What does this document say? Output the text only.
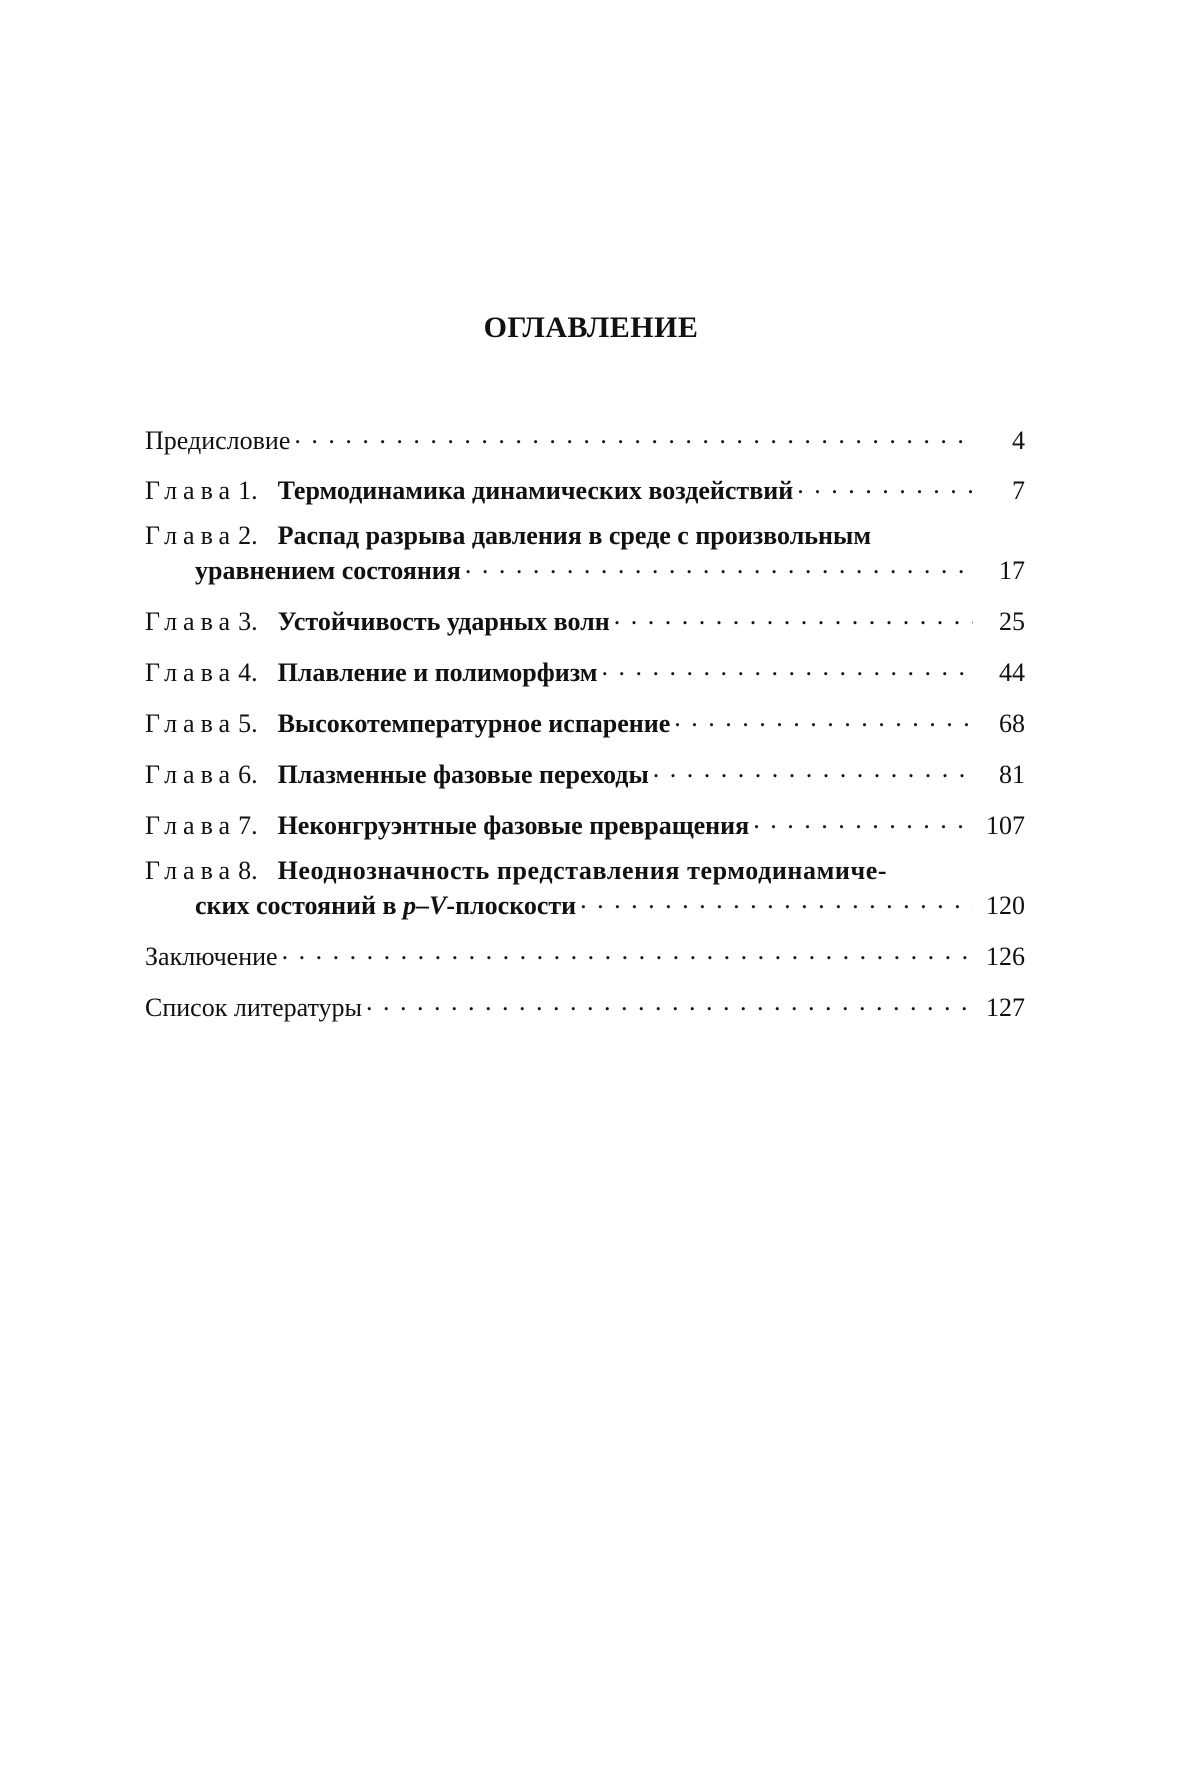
ОГЛАВЛЕНИЕ
Предисловие . . .	4
Глава 1. Термодинамика динамических воздействий . . .	7
Глава 2. Распад разрыва давления в среде с произвольным
уравнением состояния . . .	17
Глава 3. Устойчивость ударных волн . . .	25
Глава 4. Плавление и полиморфизм . . .	44
Глава 5. Высокотемпературное испарение . . .	68
Глава 6. Плазменные фазовые переходы . . .	81
Глава 7. Неконгруэнтные фазовые превращения . . .	107
Глава 8. Неоднозначность представления термодинамиче-
ских состояний в p–V-плоскости . . .	120
Заключение . . .	126
Список литературы . . .	127
